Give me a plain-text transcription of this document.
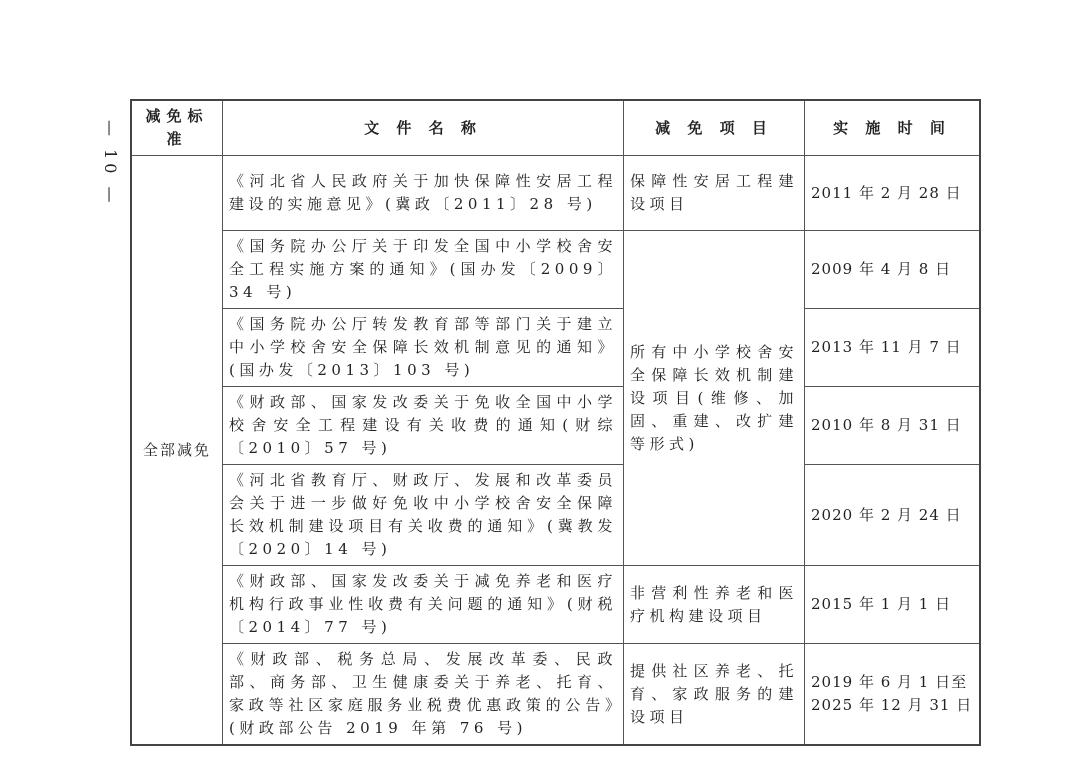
— 10 —
减免标准	文 件 名 称	减 免 项 目	实 施 时 间
全部减免	《河北省人民政府关于加快保障性安居工程建设的实施意见》(冀政〔2011〕28 号)	保障性安居工程建设项目	2011 年 2 月 28 日
	《国务院办公厅关于印发全国中小学校舍安全工程实施方案的通知》(国办发〔2009〕34 号)	所有中小学校舍安全保障长效机制建设项目(维修、加固、重建、改扩建等形式)	2009 年 4 月 8 日
	《国务院办公厅转发教育部等部门关于建立中小学校舍安全保障长效机制意见的通知》(国办发〔2013〕103 号)		2013 年 11 月 7 日
	《财政部、国家发改委关于免收全国中小学校舍安全工程建设有关收费的通知(财综〔2010〕57 号)		2010 年 8 月 31 日
	《河北省教育厅、财政厅、发展和改革委员会关于进一步做好免收中小学校舍安全保障长效机制建设项目有关收费的通知》(冀教发〔2020〕14 号)		2020 年 2 月 24 日
	《财政部、国家发改委关于减免养老和医疗机构行政事业性收费有关问题的通知》(财税〔2014〕77 号)	非营利性养老和医疗机构建设项目	2015 年 1 月 1 日
	《财政部、税务总局、发展改革委、民政部、商务部、卫生健康委关于养老、托育、家政等社区家庭服务业税费优惠政策的公告》(财政部公告 2019 年第 76 号)	提供社区养老、托育、家政服务的建设项目	2019 年 6 月 1 日至 2025 年 12 月 31 日
